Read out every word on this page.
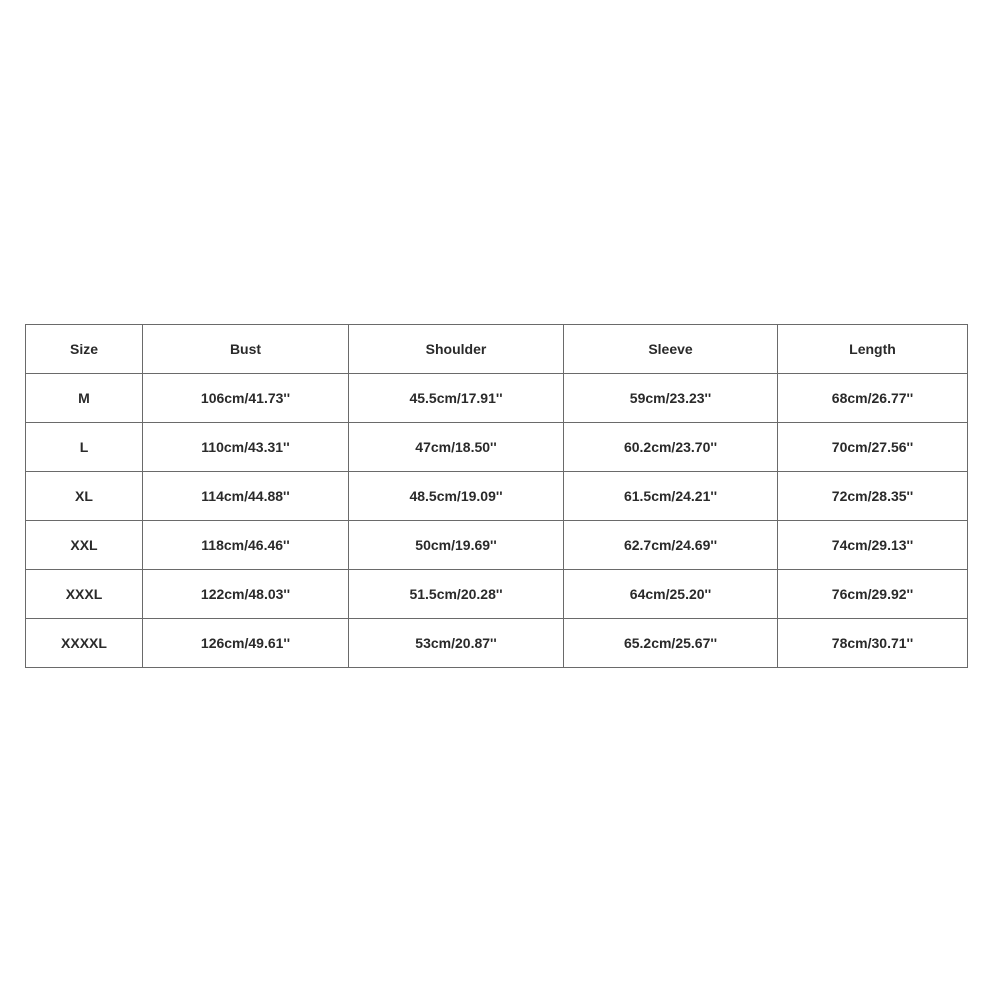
Size	Bust	Shoulder	Sleeve	Length
M	106cm/41.73''	45.5cm/17.91''	59cm/23.23''	68cm/26.77''
L	110cm/43.31''	47cm/18.50''	60.2cm/23.70''	70cm/27.56''
XL	114cm/44.88''	48.5cm/19.09''	61.5cm/24.21''	72cm/28.35''
XXL	118cm/46.46''	50cm/19.69''	62.7cm/24.69''	74cm/29.13''
XXXL	122cm/48.03''	51.5cm/20.28''	64cm/25.20''	76cm/29.92''
XXXXL	126cm/49.61''	53cm/20.87''	65.2cm/25.67''	78cm/30.71''
